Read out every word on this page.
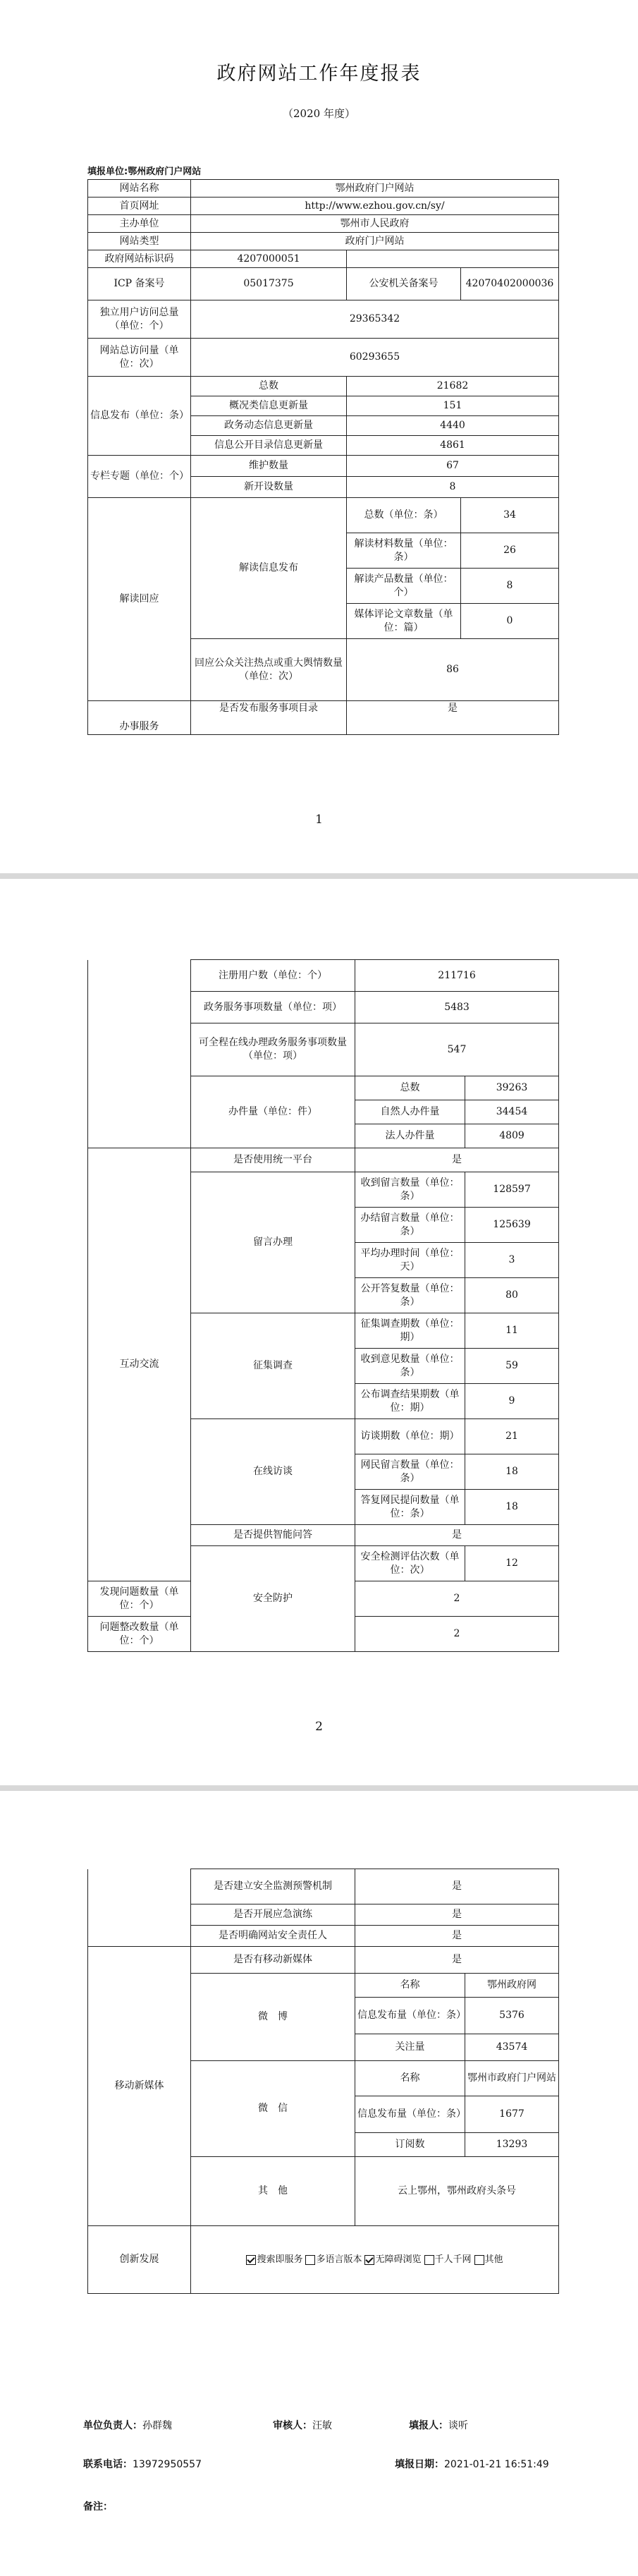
政府网站工作年度报表
（2020 年度）
填报单位:鄂州政府门户网站
网站名称	鄂州政府门户网站		
首页网址	http://www.ezhou.gov.cn/sy/		
主办单位	鄂州市人民政府		
网站类型	政府门户网站		
政府网站标识码	4207000051		
ICP 备案号	05017375	公安机关备案号	42070402000036
独立用户访问总量（单位：个）	29365342		
网站总访问量（单位：次）	60293655		
信息发布（单位：条）	总数	21682	
	概况类信息更新量	151	
	政务动态信息更新量	4440	
	信息公开目录信息更新量	4861	
专栏专题（单位：个）	维护数量	67	
	新开设数量	8	
解读回应	解读信息发布	总数（单位：条）	34
		解读材料数量（单位：条）	26
		解读产品数量（单位：个）	8
		媒体评论文章数量（单位：篇）	0
	回应公众关注热点或重大舆情数量（单位：次）	86	
办事服务	是否发布服务事项目录	是	
1
	注册用户数（单位：个）	211716	
	政务服务事项数量（单位：项）	5483	
	可全程在线办理政务服务事项数量（单位：项）	547	
	办件量（单位：件）	总数	39263
		自然人办件量	34454
		法人办件量	4809
互动交流	是否使用统一平台	是	
	留言办理	收到留言数量（单位：条）	128597
		办结留言数量（单位：条）	125639
		平均办理时间（单位：天）	3
		公开答复数量（单位：条）	80
	征集调查	征集调查期数（单位：期）	11
		收到意见数量（单位：条）	59
		公布调查结果期数（单位：期）	9
	在线访谈	访谈期数（单位：期）	21
		网民留言数量（单位：条）	18
		答复网民提问数量（单位：条）	18
	是否提供智能问答	是	
	安全防护	安全检测评估次数（单位：次）	12
发现问题数量（单位：个）		2	
问题整改数量（单位：个）		2	
2
	是否建立安全监测预警机制	是	
	是否开展应急演练	是	
	是否明确网站安全责任人	是	
移动新媒体	是否有移动新媒体	是	
	微　博	名称	鄂州政府网
		信息发布量（单位：条）	5376
		关注量	43574
	微　信	名称	鄂州市政府门户网站
		信息发布量（单位：条）	1677
		订阅数	13293
	其　他	云上鄂州，鄂州政府头条号	
创新发展	搜索即服务 多语言版本 无障碍浏览 千人千网 其他		
单位负责人：孙群魏	审核人：汪敏	填报人：谈听
联系电话：13972950557	填报日期：2021-01-21 16:51:49
备注：
